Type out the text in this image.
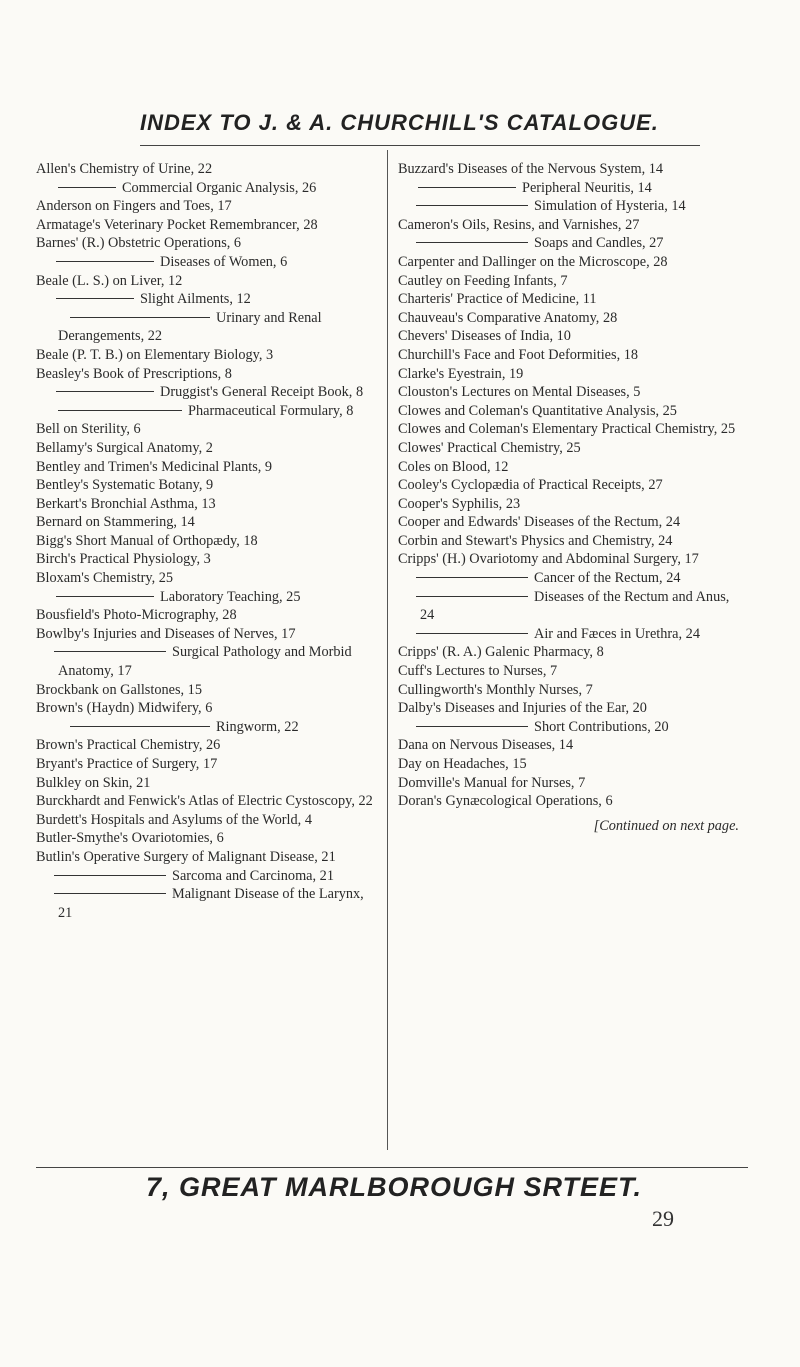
INDEX TO J. & A. CHURCHILL'S CATALOGUE.

Allen's Chemistry of Urine, 22

Commercial Organic Analysis, 26

Anderson on Fingers and Toes, 17

Armatage's Veterinary Pocket Remembrancer, 28

Barnes' (R.) Obstetric Operations, 6

Diseases of Women, 6

Beale (L. S.) on Liver, 12

Slight Ailments, 12

Urinary and Renal Derangements, 22

Beale (P. T. B.) on Elementary Biology, 3

Beasley's Book of Prescriptions, 8

Druggist's General Receipt Book, 8

Pharmaceutical Formulary, 8

Bell on Sterility, 6

Bellamy's Surgical Anatomy, 2

Bentley and Trimen's Medicinal Plants, 9

Bentley's Systematic Botany, 9

Berkart's Bronchial Asthma, 13

Bernard on Stammering, 14

Bigg's Short Manual of Orthopædy, 18

Birch's Practical Physiology, 3

Bloxam's Chemistry, 25

Laboratory Teaching, 25

Bousfield's Photo-Micrography, 28

Bowlby's Injuries and Diseases of Nerves, 17

Surgical Pathology and Morbid Anatomy, 17

Brockbank on Gallstones, 15

Brown's (Haydn) Midwifery, 6

Ringworm, 22

Brown's Practical Chemistry, 26

Bryant's Practice of Surgery, 17

Bulkley on Skin, 21

Burckhardt and Fenwick's Atlas of Electric Cystoscopy, 22

Burdett's Hospitals and Asylums of the World, 4

Butler-Smythe's Ovariotomies, 6

Butlin's Operative Surgery of Malignant Disease, 21

Sarcoma and Carcinoma, 21

Malignant Disease of the Larynx, 21

Buzzard's Diseases of the Nervous System, 14

Peripheral Neuritis, 14

Simulation of Hysteria, 14

Cameron's Oils, Resins, and Varnishes, 27

Soaps and Candles, 27

Carpenter and Dallinger on the Microscope, 28

Cautley on Feeding Infants, 7

Charteris' Practice of Medicine, 11

Chauveau's Comparative Anatomy, 28

Chevers' Diseases of India, 10

Churchill's Face and Foot Deformities, 18

Clarke's Eyestrain, 19

Clouston's Lectures on Mental Diseases, 5

Clowes and Coleman's Quantitative Analysis, 25

Clowes and Coleman's Elementary Practical Chemistry, 25

Clowes' Practical Chemistry, 25

Coles on Blood, 12

Cooley's Cyclopædia of Practical Receipts, 27

Cooper's Syphilis, 23

Cooper and Edwards' Diseases of the Rectum, 24

Corbin and Stewart's Physics and Chemistry, 24

Cripps' (H.) Ovariotomy and Abdominal Surgery, 17

Cancer of the Rectum, 24

Diseases of the Rectum and Anus, 24

Air and Fæces in Urethra, 24

Cripps' (R. A.) Galenic Pharmacy, 8

Cuff's Lectures to Nurses, 7

Cullingworth's Monthly Nurses, 7

Dalby's Diseases and Injuries of the Ear, 20

Short Contributions, 20

Dana on Nervous Diseases, 14

Day on Headaches, 15

Domville's Manual for Nurses, 7

Doran's Gynæcological Operations, 6

[Continued on next page.
7, GREAT MARLBOROUGH SRTEET.
29
